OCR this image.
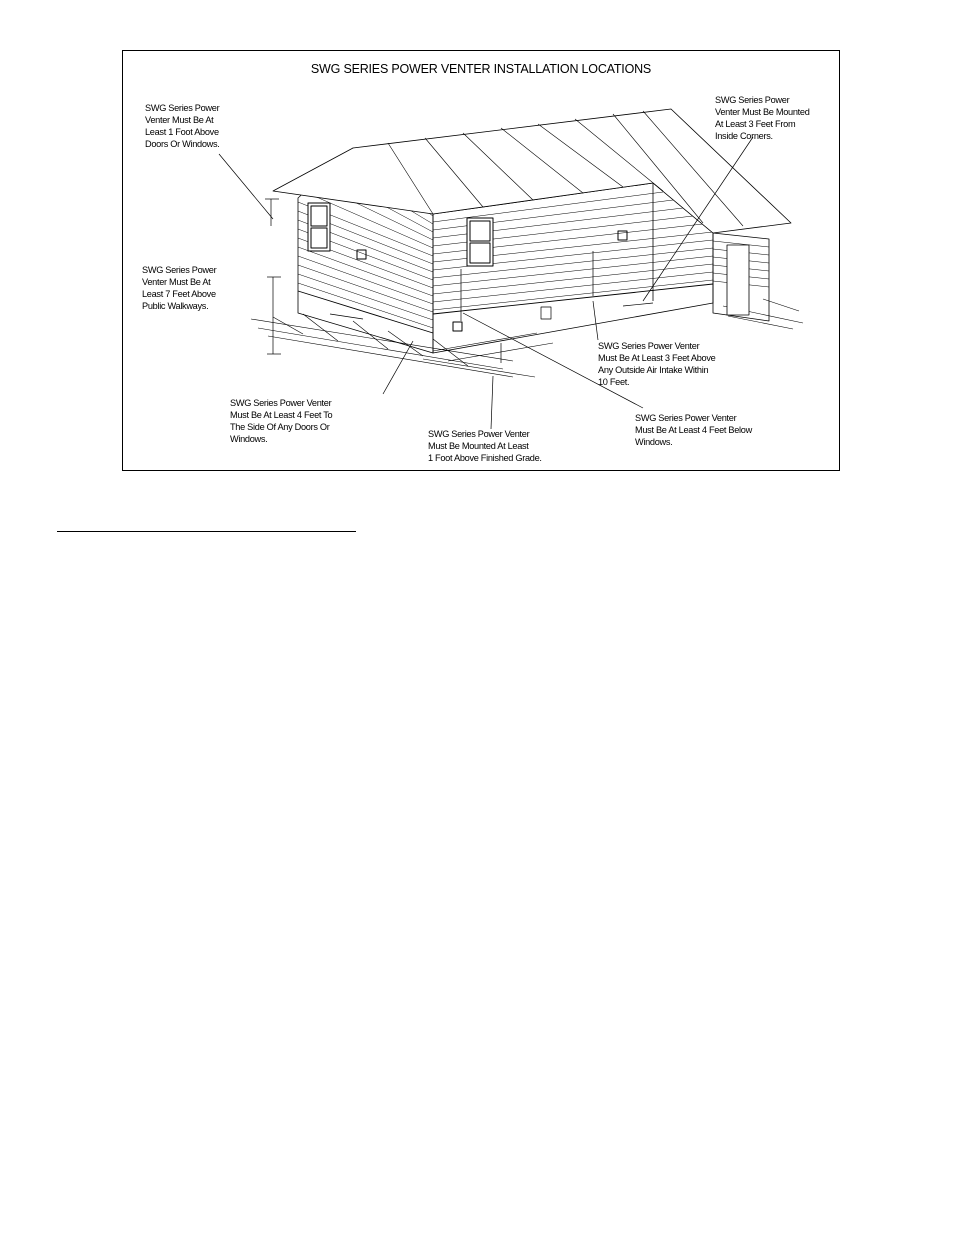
SWG SERIES POWER VENTER INSTALLATION LOCATIONS
SWG Series Power
Venter Must Be At
Least 1 Foot Above
Doors Or Windows.
SWG Series Power
Venter Must Be Mounted
At Least 3 Feet From
Inside Corners.
SWG Series Power
Venter Must Be At
Least 7 Feet Above
Public Walkways.
SWG Series Power Venter
Must Be At Least 3 Feet Above
Any Outside Air Intake Within
10 Feet.
SWG Series Power Venter
Must Be At Least 4 Feet To
The Side Of Any Doors Or
Windows.	SWG Series Power Venter
Must Be Mounted At Least
1 Foot Above Finished Grade.
SWG Series Power Venter
Must Be At Least 4 Feet Below
Windows.
